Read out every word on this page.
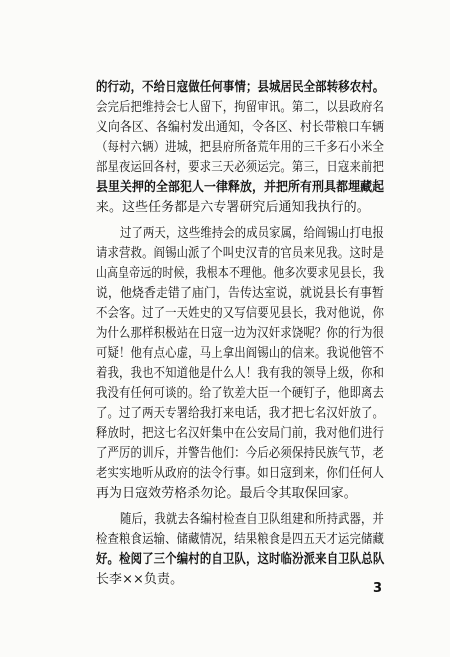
的行动，不给日寇做任何事情；县城居民全部转移农村。
会完后把维持会七人留下，拘留审讯。第二，以县政府名
义向各区、各编村发出通知，令各区、村长带粮口车辆
（每村六辆）进城，把县府所备荒年用的三千多石小米全
部星夜运回各村，要求三天必须运完。第三，日寇来前把
县里关押的全部犯人一律释放，并把所有刑具都埋藏起
来。这些任务都是六专署研究后通知我执行的。
过了两天，这些维持会的成员家属，给阎锡山打电报
请求营救。阎锡山派了个叫史汉青的官员来见我。这时是
山高皇帝远的时候，我根本不理他。他多次要求见县长，我
说，他烧香走错了庙门，告传达室说，就说县长有事暂
不会客。过了一天姓史的又写信要见县长，我对他说，你
为什么那样积极站在日寇一边为汉奸求饶呢？你的行为很
可疑！他有点心虚，马上拿出阎锡山的信来。我说他管不
着我，我也不知道他是什么人！我有我的领导上级，你和
我没有任何可谈的。给了钦差大臣一个硬钉子，他即离去
了。过了两天专署给我打来电话，我才把七名汉奸放了。
释放时，把这七名汉奸集中在公安局门前，我对他们进行
了严厉的训斥，并警告他们：今后必须保持民族气节，老
老实实地听从政府的法令行事。如日寇到来，你们任何人
再为日寇效劳格杀勿论。最后令其取保回家。
随后，我就去各编村检查自卫队组建和所持武器，并
检查粮食运输、储藏情况，结果粮食是四五天才运完储藏
好。检阅了三个编村的自卫队，这时临汾派来自卫队总队
长李××负责。
3
